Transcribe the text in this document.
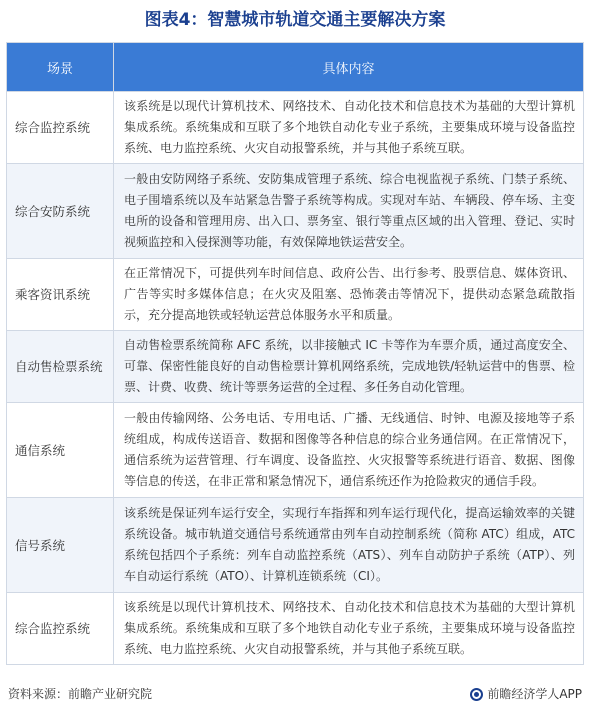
图表4：智慧城市轨道交通主要解决方案
场景	具体内容
综合监控系统	该系统是以现代计算机技术、网络技术、自动化技术和信息技术为基础的大型计算机集成系统。系统集成和互联了多个地铁自动化专业子系统，主要集成环境与设备监控系统、电力监控系统、火灾自动报警系统，并与其他子系统互联。
综合安防系统	一般由安防网络子系统、安防集成管理子系统、综合电视监视子系统、门禁子系统、电子围墙系统以及车站紧急告警子系统等构成。实现对车站、车辆段、停车场、主变电所的设备和管理用房、出入口、票务室、银行等重点区域的出入管理、登记、实时视频监控和入侵探测等功能，有效保障地铁运营安全。
乘客资讯系统	在正常情况下，可提供列车时间信息、政府公告、出行参考、股票信息、媒体资讯、广告等实时多媒体信息；在火灾及阻塞、恐怖袭击等情况下，提供动态紧急疏散指示，充分提高地铁或轻轨运营总体服务水平和质量。
自动售检票系统	自动售检票系统简称 AFC 系统，以非接触式 IC 卡等作为车票介质，通过高度安全、可靠、保密性能良好的自动售检票计算机网络系统，完成地铁/轻轨运营中的售票、检票、计费、收费、统计等票务运营的全过程、多任务自动化管理。
通信系统	一般由传输网络、公务电话、专用电话、广播、无线通信、时钟、电源及接地等子系统组成，构成传送语音、数据和图像等各种信息的综合业务通信网。在正常情况下，通信系统为运营管理、行车调度、设备监控、火灾报警等系统进行语音、数据、图像等信息的传送，在非正常和紧急情况下，通信系统还作为抢险救灾的通信手段。
信号系统	该系统是保证列车运行安全，实现行车指挥和列车运行现代化，提高运输效率的关键系统设备。城市轨道交通信号系统通常由列车自动控制系统（简称 ATC）组成，ATC系统包括四个子系统：列车自动监控系统（ATS）、列车自动防护子系统（ATP）、列车自动运行系统（ATO）、计算机连锁系统（CI）。
综合监控系统	该系统是以现代计算机技术、网络技术、自动化技术和信息技术为基础的大型计算机集成系统。系统集成和互联了多个地铁自动化专业子系统，主要集成环境与设备监控系统、电力监控系统、火灾自动报警系统，并与其他子系统互联。
资料来源：前瞻产业研究院	前瞻经济学人APP
